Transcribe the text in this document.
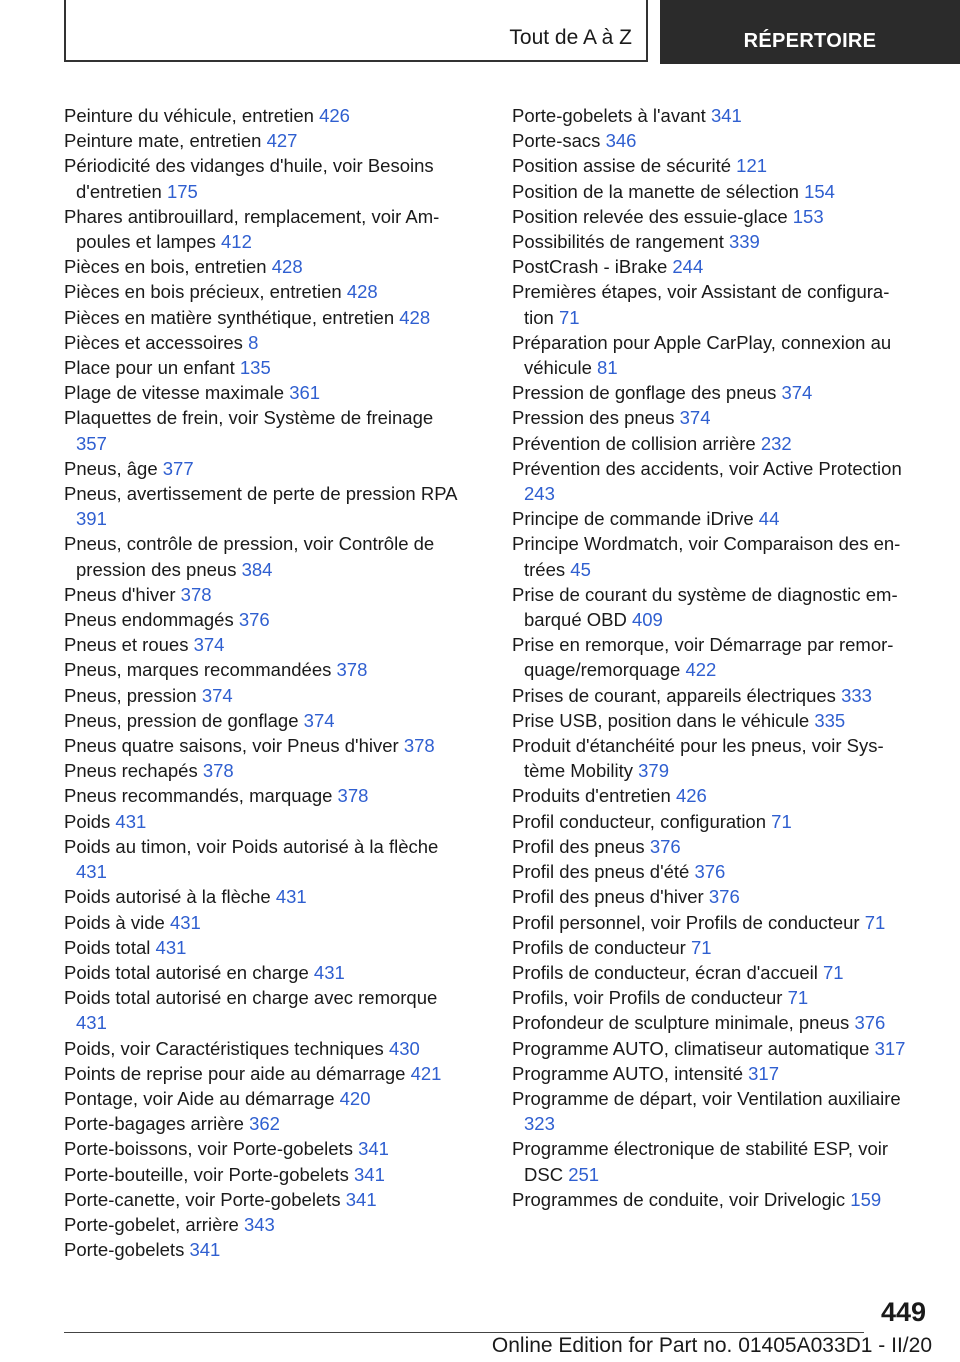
Tout de A à Z	RÉPERTOIRE
Peinture du véhicule, entretien 426
Peinture mate, entretien 427
Périodicité des vidanges d'huile, voir Besoins d'entretien 175
Phares antibrouillard, remplacement, voir Ampoules et lampes 412
Pièces en bois, entretien 428
Pièces en bois précieux, entretien 428
Pièces en matière synthétique, entretien 428
Pièces et accessoires 8
Place pour un enfant 135
Plage de vitesse maximale 361
Plaquettes de frein, voir Système de freinage 357
Pneus, âge 377
Pneus, avertissement de perte de pression RPA 391
Pneus, contrôle de pression, voir Contrôle de pression des pneus 384
Pneus d'hiver 378
Pneus endommagés 376
Pneus et roues 374
Pneus, marques recommandées 378
Pneus, pression 374
Pneus, pression de gonflage 374
Pneus quatre saisons, voir Pneus d'hiver 378
Pneus rechapés 378
Pneus recommandés, marquage 378
Poids 431
Poids au timon, voir Poids autorisé à la flèche 431
Poids autorisé à la flèche 431
Poids à vide 431
Poids total 431
Poids total autorisé en charge 431
Poids total autorisé en charge avec remorque 431
Poids, voir Caractéristiques techniques 430
Points de reprise pour aide au démarrage 421
Pontage, voir Aide au démarrage 420
Porte-bagages arrière 362
Porte-boissons, voir Porte-gobelets 341
Porte-bouteille, voir Porte-gobelets 341
Porte-canette, voir Porte-gobelets 341
Porte-gobelet, arrière 343
Porte-gobelets 341
Porte-gobelets à l'avant 341
Porte-sacs 346
Position assise de sécurité 121
Position de la manette de sélection 154
Position relevée des essuie-glace 153
Possibilités de rangement 339
PostCrash - iBrake 244
Premières étapes, voir Assistant de configuration 71
Préparation pour Apple CarPlay, connexion au véhicule 81
Pression de gonflage des pneus 374
Pression des pneus 374
Prévention de collision arrière 232
Prévention des accidents, voir Active Protection 243
Principe de commande iDrive 44
Principe Wordmatch, voir Comparaison des entrées 45
Prise de courant du système de diagnostic embarqué OBD 409
Prise en remorque, voir Démarrage par remorquage/remorquage 422
Prises de courant, appareils électriques 333
Prise USB, position dans le véhicule 335
Produit d'étanchéité pour les pneus, voir Système Mobility 379
Produits d'entretien 426
Profil conducteur, configuration 71
Profil des pneus 376
Profil des pneus d'été 376
Profil des pneus d'hiver 376
Profil personnel, voir Profils de conducteur 71
Profils de conducteur 71
Profils de conducteur, écran d'accueil 71
Profils, voir Profils de conducteur 71
Profondeur de sculpture minimale, pneus 376
Programme AUTO, climatiseur automatique 317
Programme AUTO, intensité 317
Programme de départ, voir Ventilation auxiliaire 323
Programme électronique de stabilité ESP, voir DSC 251
Programmes de conduite, voir Drivelogic 159
449
Online Edition for Part no. 01405A033D1 - II/20
